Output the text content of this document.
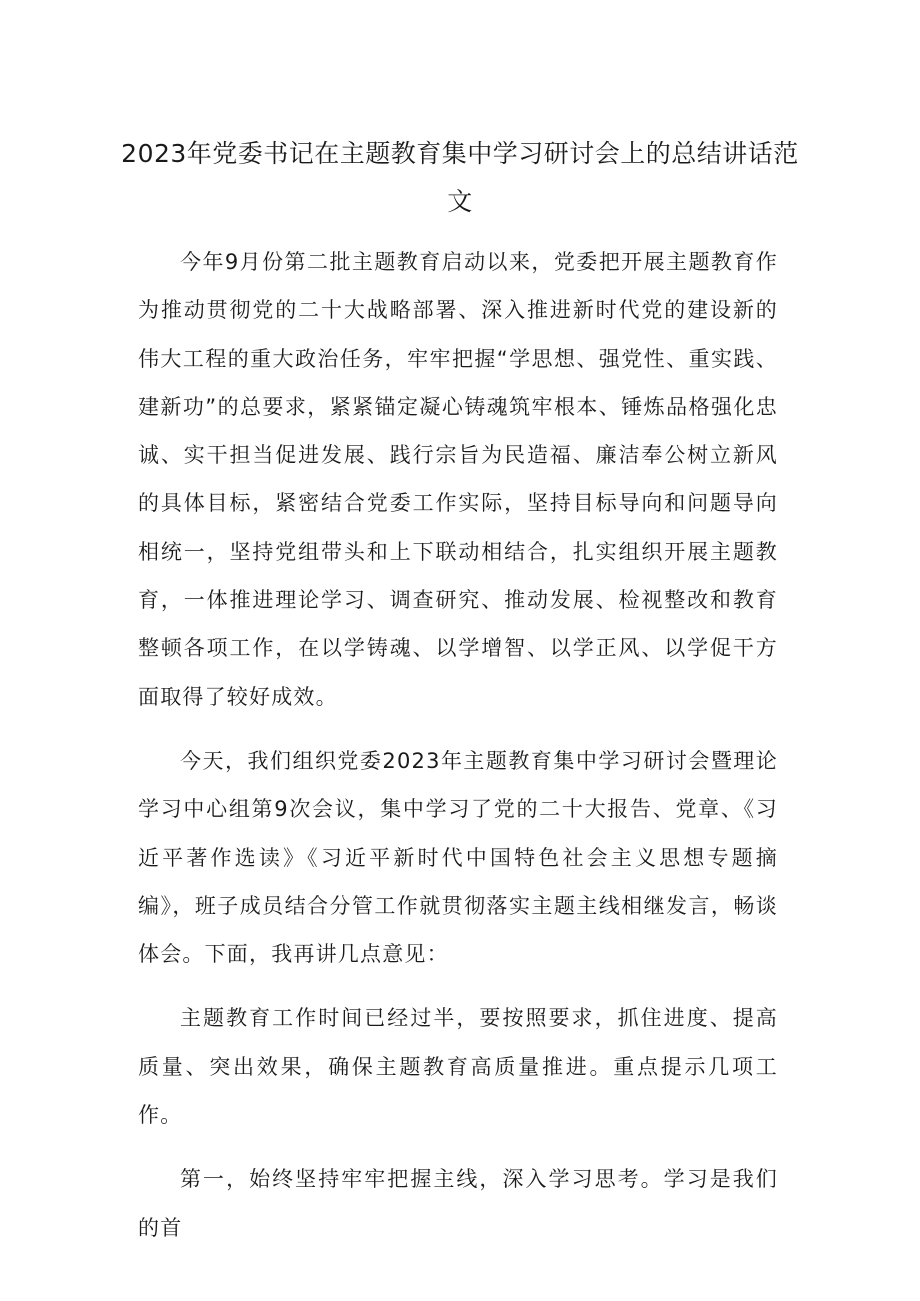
2023年党委书记在主题教育集中学习研讨会上的总结讲话范文

今年9月份第二批主题教育启动以来，党委把开展主题教育作为推动贯彻党的二十大战略部署、深入推进新时代党的建设新的伟大工程的重大政治任务，牢牢把握“学思想、强党性、重实践、建新功”的总要求，紧紧锚定凝心铸魂筑牢根本、锤炼品格强化忠诚、实干担当促进发展、践行宗旨为民造福、廉洁奉公树立新风的具体目标，紧密结合党委工作实际，坚持目标导向和问题导向相统一，坚持党组带头和上下联动相结合，扎实组织开展主题教育，一体推进理论学习、调查研究、推动发展、检视整改和教育整顿各项工作，在以学铸魂、以学增智、以学正风、以学促干方面取得了较好成效。

今天，我们组织党委2023年主题教育集中学习研讨会暨理论学习中心组第9次会议，集中学习了党的二十大报告、党章、《习近平著作选读》《习近平新时代中国特色社会主义思想专题摘编》，班子成员结合分管工作就贯彻落实主题主线相继发言，畅谈体会。下面，我再讲几点意见：

主题教育工作时间已经过半，要按照要求，抓住进度、提高质量、突出效果，确保主题教育高质量推进。重点提示几项工作。

第一，始终坚持牢牢把握主线，深入学习思考。学习是我们的首
